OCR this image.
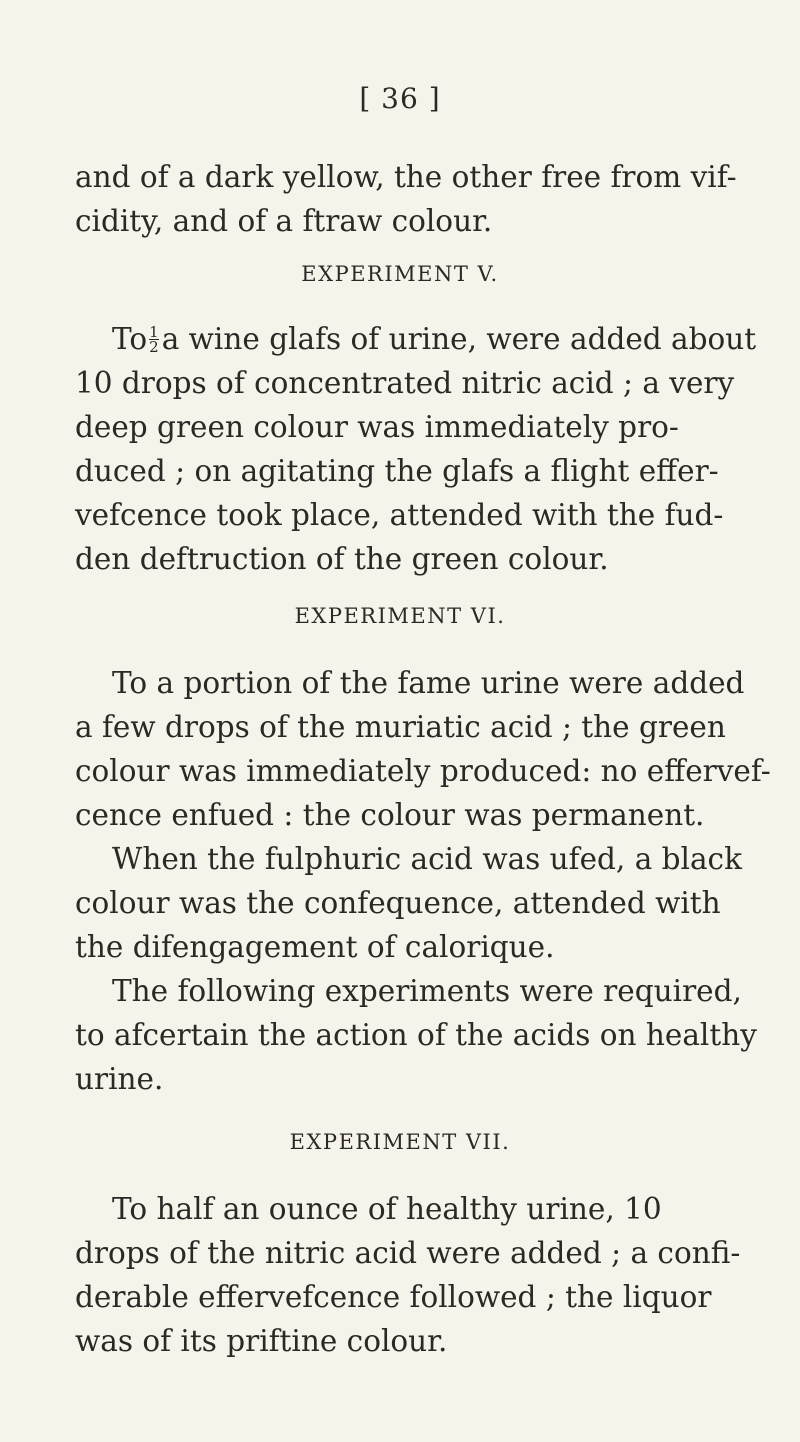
[ 36 ]
and of a dark yellow, the other free from vif-
cidity, and of a ftraw colour.
EXPERIMENT V.
To $\frac{1}{2}$ a wine glafs of urine, were added about
10 drops of concentrated nitric acid ; a very
deep green colour was immediately pro-
duced ; on agitating the glafs a flight effer-
vefcence took place, attended with the fud-
den deftruction of the green colour.
EXPERIMENT VI.
To a portion of the fame urine were added
a few drops of the muriatic acid ; the green
colour was immediately produced: no effervef-
cence enfued : the colour was permanent.
When the fulphuric acid was ufed, a black
colour was the confequence, attended with
the difengagement of calorique.
The following experiments were required,
to afcertain the action of the acids on healthy
urine.
EXPERIMENT VII.
To half an ounce of healthy urine, 10
drops of the nitric acid were added ; a confi-
derable effervefcence followed ; the liquor
was of its priftine colour.
